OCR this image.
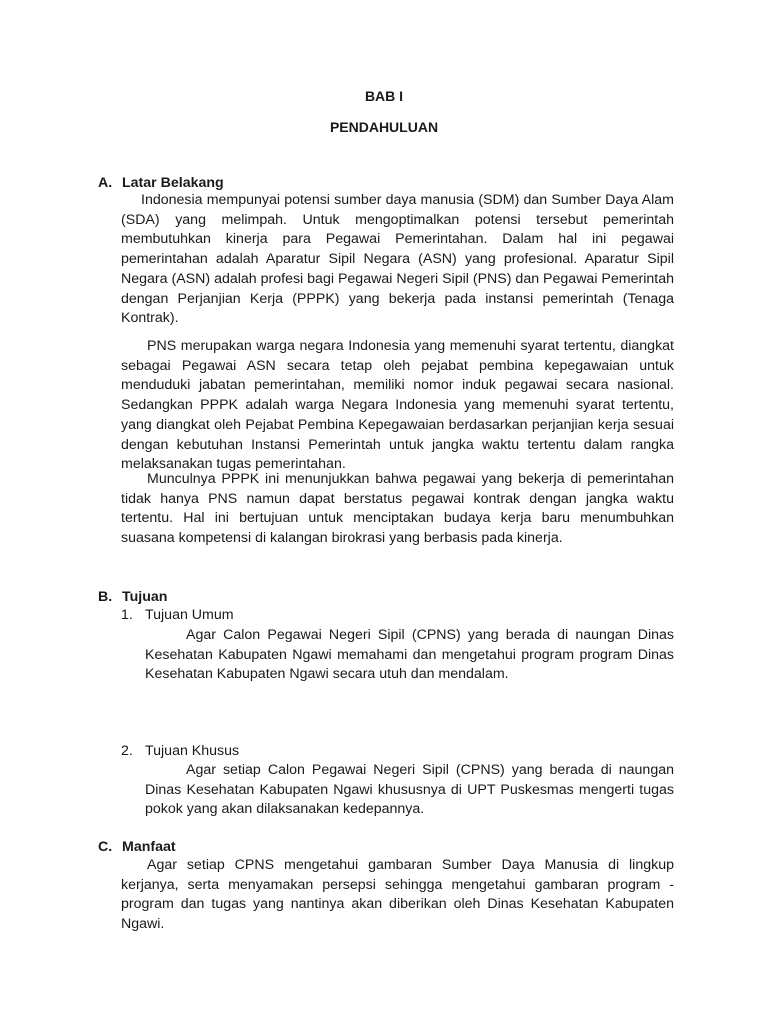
BAB I

PENDAHULUAN

A. Latar Belakang

Indonesia mempunyai potensi sumber daya manusia (SDM) dan Sumber Daya Alam (SDA) yang melimpah. Untuk mengoptimalkan potensi tersebut pemerintah membutuhkan kinerja para Pegawai Pemerintahan. Dalam hal ini pegawai pemerintahan adalah Aparatur Sipil Negara (ASN) yang profesional. Aparatur Sipil Negara (ASN) adalah profesi bagi Pegawai Negeri Sipil (PNS) dan Pegawai Pemerintah dengan Perjanjian Kerja (PPPK) yang bekerja pada instansi pemerintah (Tenaga Kontrak).

PNS merupakan warga negara Indonesia yang memenuhi syarat tertentu, diangkat sebagai Pegawai ASN secara tetap oleh pejabat pembina kepegawaian untuk menduduki jabatan pemerintahan, memiliki nomor induk pegawai secara nasional. Sedangkan PPPK adalah warga Negara Indonesia yang memenuhi syarat tertentu, yang diangkat oleh Pejabat Pembina Kepegawaian berdasarkan perjanjian kerja sesuai dengan kebutuhan Instansi Pemerintah untuk jangka waktu tertentu dalam rangka melaksanakan tugas pemerintahan.

Munculnya PPPK ini menunjukkan bahwa pegawai yang bekerja di pemerintahan tidak hanya PNS namun dapat berstatus pegawai kontrak dengan jangka waktu tertentu. Hal ini bertujuan untuk menciptakan budaya kerja baru menumbuhkan suasana kompetensi di kalangan birokrasi yang berbasis pada kinerja.

B. Tujuan

1. Tujuan Umum

Agar Calon Pegawai Negeri Sipil (CPNS) yang berada di naungan Dinas Kesehatan Kabupaten Ngawi memahami dan mengetahui program program Dinas Kesehatan Kabupaten Ngawi secara utuh dan mendalam.

2. Tujuan Khusus

Agar setiap Calon Pegawai Negeri Sipil (CPNS) yang berada di naungan Dinas Kesehatan Kabupaten Ngawi khususnya di UPT Puskesmas mengerti tugas pokok yang akan dilaksanakan kedepannya.

C. Manfaat

Agar setiap CPNS mengetahui gambaran Sumber Daya Manusia di lingkup kerjanya, serta menyamakan persepsi sehingga mengetahui gambaran program - program dan tugas yang nantinya akan diberikan oleh Dinas Kesehatan Kabupaten Ngawi.
